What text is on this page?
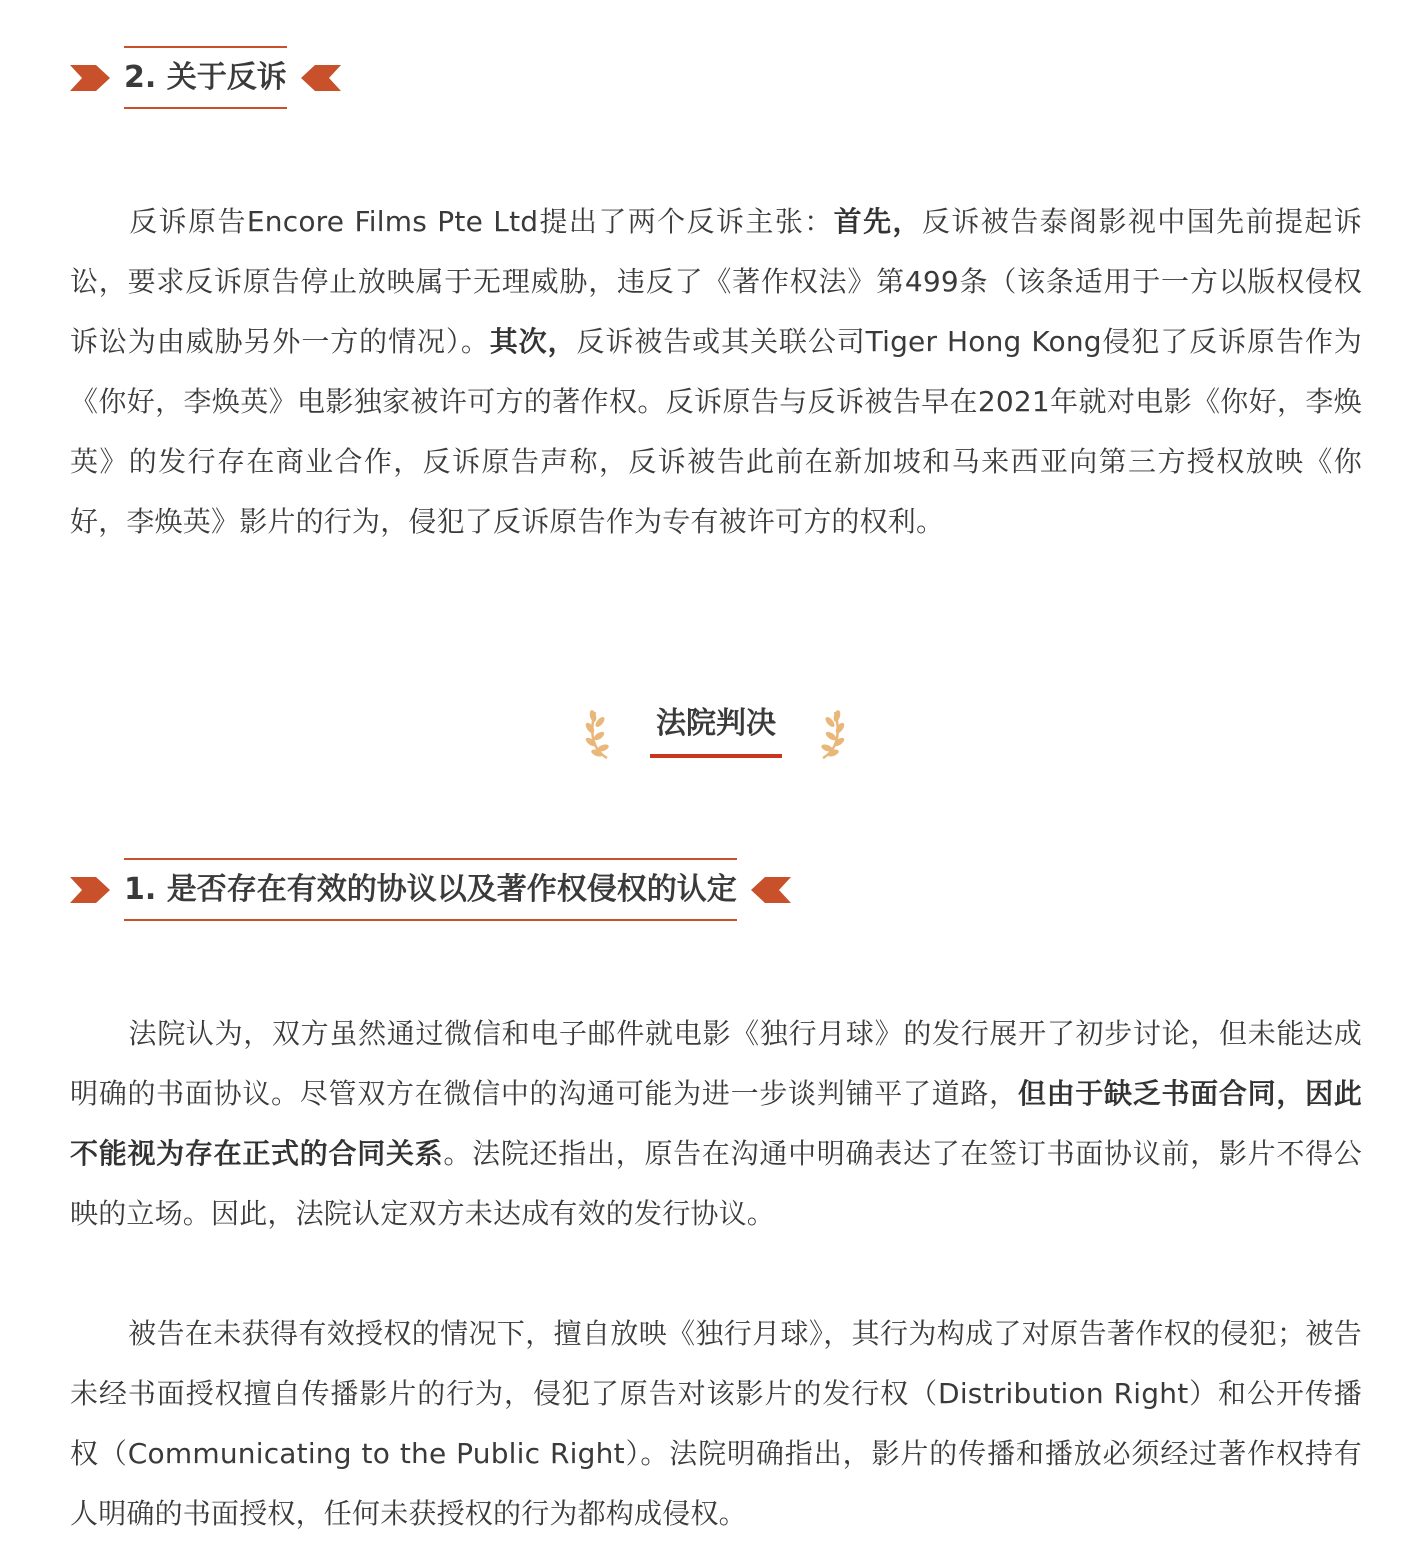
2. 关于反诉

反诉原告Encore Films Pte Ltd提出了两个反诉主张：首先，反诉被告泰阁影视中国先前提起诉讼，要求反诉原告停止放映属于无理威胁，违反了《著作权法》第499条（该条适用于一方以版权侵权诉讼为由威胁另外一方的情况）。其次，反诉被告或其关联公司Tiger Hong Kong侵犯了反诉原告作为《你好，李焕英》电影独家被许可方的著作权。反诉原告与反诉被告早在2021年就对电影《你好，李焕英》的发行存在商业合作，反诉原告声称，反诉被告此前在新加坡和马来西亚向第三方授权放映《你好，李焕英》影片的行为，侵犯了反诉原告作为专有被许可方的权利。

法院判决
1. 是否存在有效的协议以及著作权侵权的认定

法院认为，双方虽然通过微信和电子邮件就电影《独行月球》的发行展开了初步讨论，但未能达成明确的书面协议。尽管双方在微信中的沟通可能为进一步谈判铺平了道路，但由于缺乏书面合同，因此不能视为存在正式的合同关系。法院还指出，原告在沟通中明确表达了在签订书面协议前，影片不得公映的立场。因此，法院认定双方未达成有效的发行协议。

被告在未获得有效授权的情况下，擅自放映《独行月球》，其行为构成了对原告著作权的侵犯；被告未经书面授权擅自传播影片的行为，侵犯了原告对该影片的发行权（Distribution Right）和公开传播权（Communicating to the Public Right）。法院明确指出，影片的传播和播放必须经过著作权持有人明确的书面授权，任何未获授权的行为都构成侵权。
